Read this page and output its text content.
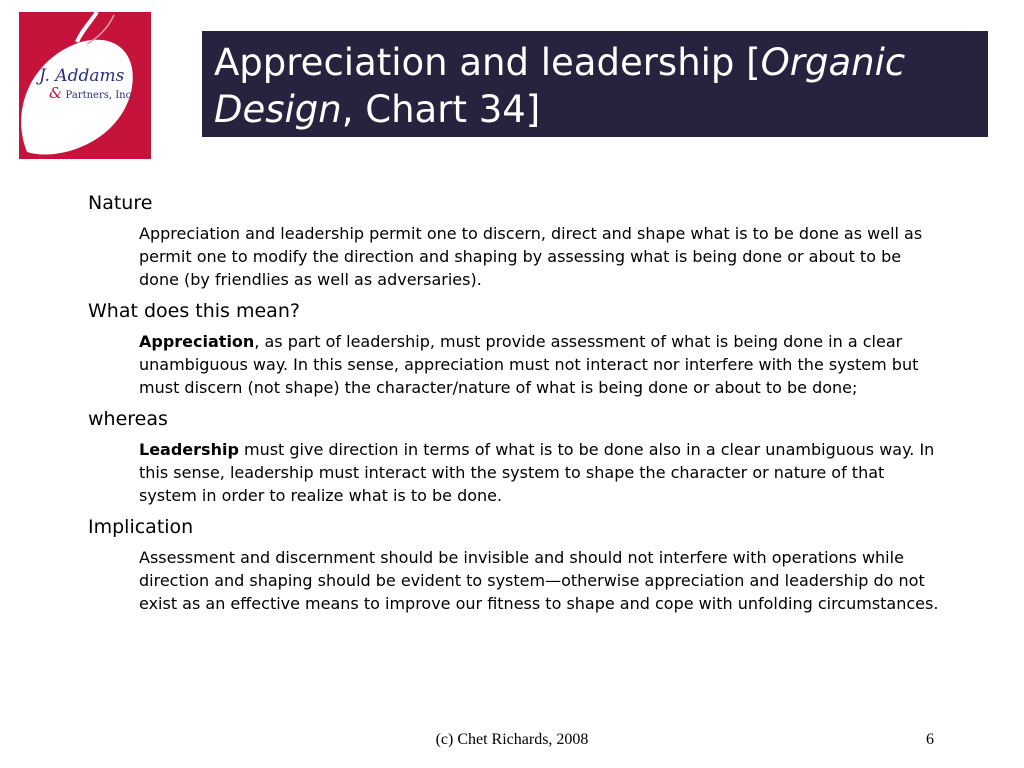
J. Addams
& Partners, Inc.
Appreciation and leadership [Organic Design, Chart 34]
Nature
Appreciation and leadership permit one to discern, direct and shape what is to be done as well as permit one to modify the direction and shaping by assessing what is being done or about to be done (by friendlies as well as adversaries).
What does this mean?
Appreciation, as part of leadership, must provide assessment of what is being done in a clear unambiguous way. In this sense, appreciation must not interact nor interfere with the system but must discern (not shape) the character/nature of what is being done or about to be done;
whereas
Leadership must give direction in terms of what is to be done also in a clear unambiguous way. In this sense, leadership must interact with the system to shape the character or nature of that system in order to realize what is to be done.
Implication
Assessment and discernment should be invisible and should not interfere with operations while direction and shaping should be evident to system—otherwise appreciation and leadership do not exist as an effective means to improve our fitness to shape and cope with unfolding circumstances.
(c) Chet Richards, 2008	6
